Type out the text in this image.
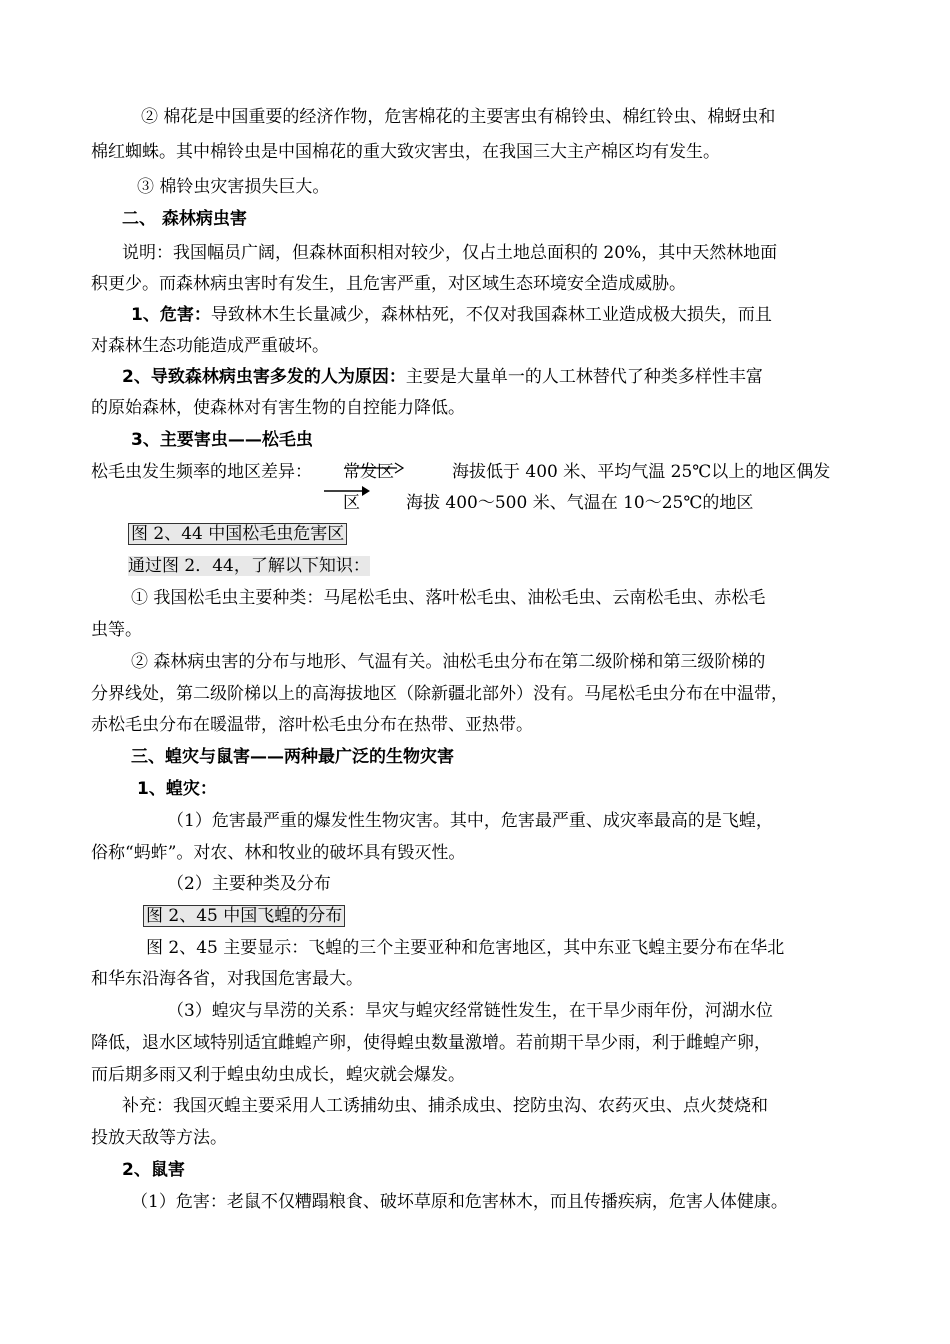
② 棉花是中国重要的经济作物，危害棉花的主要害虫有棉铃虫、棉红铃虫、棉蚜虫和
棉红蜘蛛。其中棉铃虫是中国棉花的重大致灾害虫，在我国三大主产棉区均有发生。
③ 棉铃虫灾害损失巨大。
二、 森林病虫害
说明：我国幅员广阔，但森林面积相对较少，仅占土地总面积的 20%，其中天然林地面
积更少。而森林病虫害时有发生，且危害严重，对区域生态环境安全造成威胁。
1、危害：导致林木生长量减少，森林枯死，不仅对我国森林工业造成极大损失，而且
对森林生态功能造成严重破坏。
2、导致森林病虫害多发的人为原因：主要是大量单一的人工林替代了种类多样性丰富
的原始森林，使森林对有害生物的自控能力降低。
3、主要害虫——松毛虫
松毛虫发生频率的地区差异： 常发区	海拔低于 400 米、平均气温 25℃以上的地区偶发
区	海拔 400～500 米、气温在 10～25℃的地区
图 2、44 中国松毛虫危害区
通过图 2．44，了解以下知识：
① 我国松毛虫主要种类：马尾松毛虫、落叶松毛虫、油松毛虫、云南松毛虫、赤松毛
虫等。
② 森林病虫害的分布与地形、气温有关。油松毛虫分布在第二级阶梯和第三级阶梯的
分界线处，第二级阶梯以上的高海拔地区（除新疆北部外）没有。马尾松毛虫分布在中温带，
赤松毛虫分布在暖温带，溶叶松毛虫分布在热带、亚热带。
三、蝗灾与鼠害——两种最广泛的生物灾害
1、蝗灾：
（1）危害最严重的爆发性生物灾害。其中，危害最严重、成灾率最高的是飞蝗，
俗称“蚂蚱”。对农、林和牧业的破坏具有毁灭性。
（2）主要种类及分布
图 2、45 中国飞蝗的分布
图 2、45 主要显示：飞蝗的三个主要亚种和危害地区，其中东亚飞蝗主要分布在华北
和华东沿海各省，对我国危害最大。
（3）蝗灾与旱涝的关系：旱灾与蝗灾经常链性发生，在干旱少雨年份，河湖水位
降低，退水区域特别适宜雌蝗产卵，使得蝗虫数量激增。若前期干旱少雨，利于雌蝗产卵，
而后期多雨又利于蝗虫幼虫成长，蝗灾就会爆发。
补充：我国灭蝗主要采用人工诱捕幼虫、捕杀成虫、挖防虫沟、农药灭虫、点火焚烧和
投放天敌等方法。
2、鼠害
（1）危害：老鼠不仅糟蹋粮食、破坏草原和危害林木，而且传播疾病，危害人体健康。
